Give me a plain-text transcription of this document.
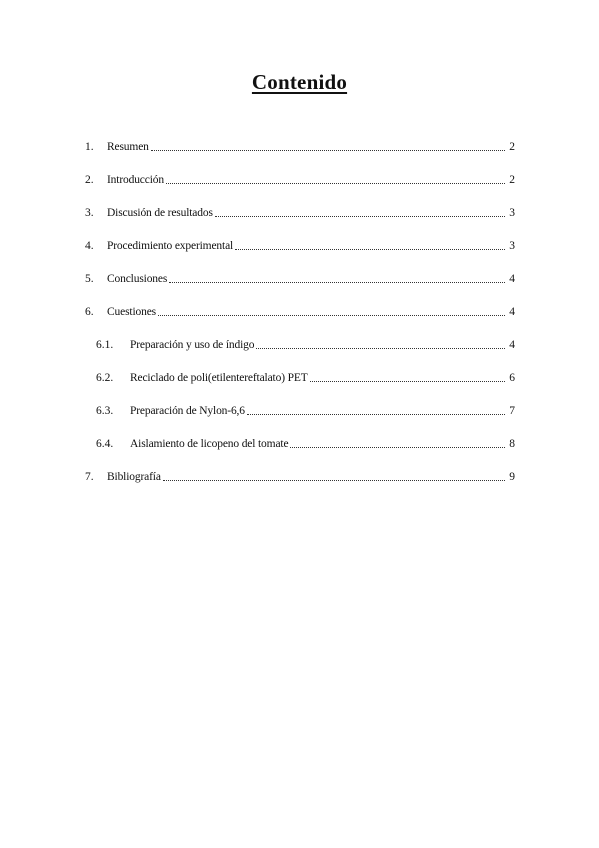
Contenido
1.	Resumen	2
2.	Introducción	2
3.	Discusión de resultados	3
4.	Procedimiento experimental	3
5.	Conclusiones	4
6.	Cuestiones	4
6.1.	Preparación y uso de índigo	4
6.2.	Reciclado de poli(etilentereftalato) PET	6
6.3.	Preparación de Nylon-6,6	7
6.4.	Aislamiento de licopeno del tomate	8
7.	Bibliografía	9
